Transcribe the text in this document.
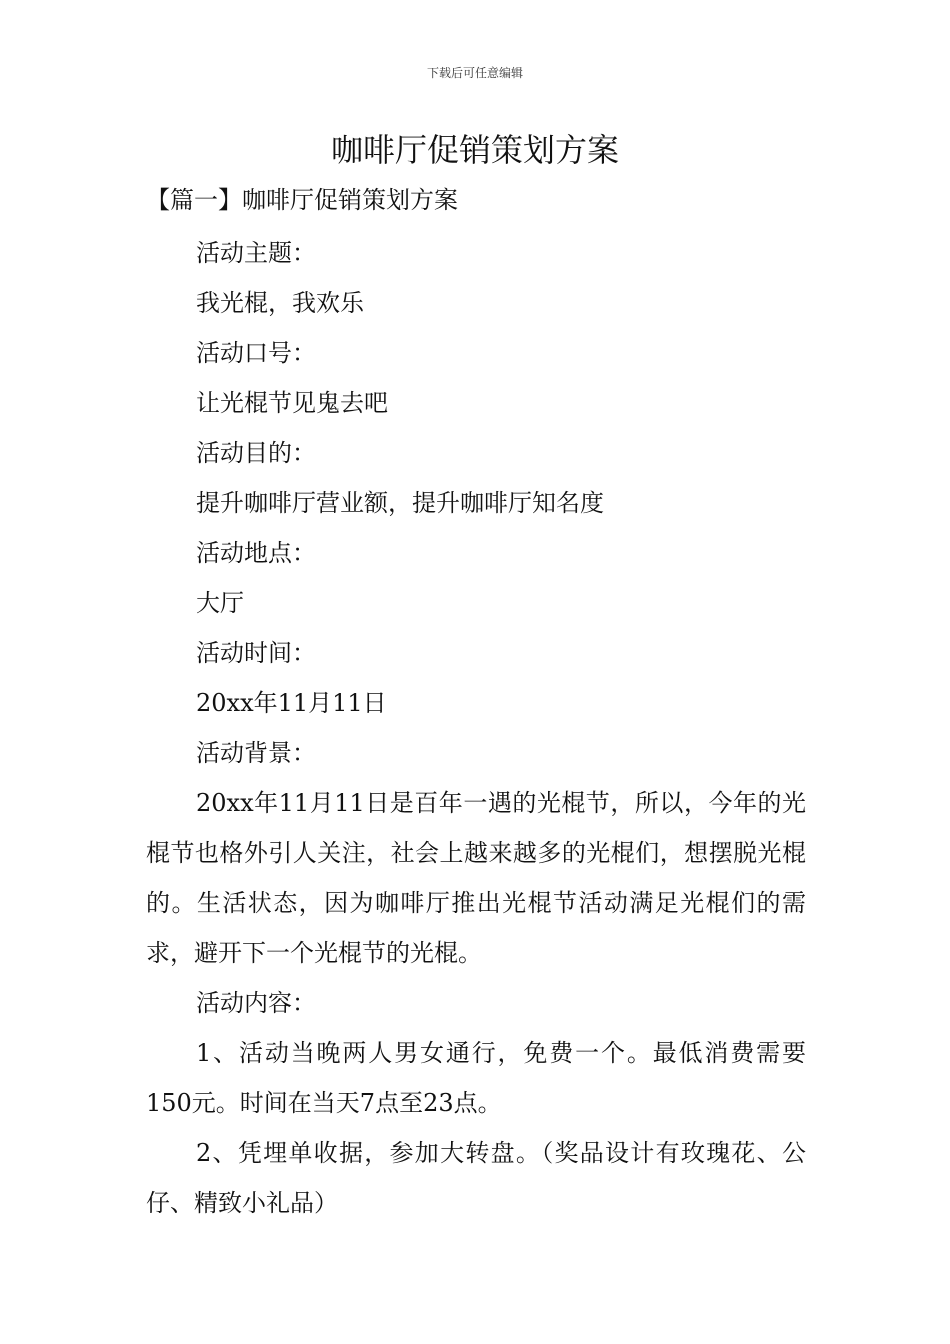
下载后可任意编辑
咖啡厅促销策划方案
【篇一】咖啡厅促销策划方案

活动主题：

我光棍，我欢乐

活动口号：

让光棍节见鬼去吧

活动目的：

提升咖啡厅营业额，提升咖啡厅知名度

活动地点：

大厅

活动时间：

20xx年11月11日

活动背景：

20xx年11月11日是百年一遇的光棍节，所以，今年的光棍节也格外引人关注，社会上越来越多的光棍们，想摆脱光棍的。生活状态，因为咖啡厅推出光棍节活动满足光棍们的需求，避开下一个光棍节的光棍。

活动内容：

1、活动当晚两人男女通行，免费一个。最低消费需要150元。时间在当天7点至23点。

2、凭埋单收据，参加大转盘。（奖品设计有玫瑰花、公仔、精致小礼品）
